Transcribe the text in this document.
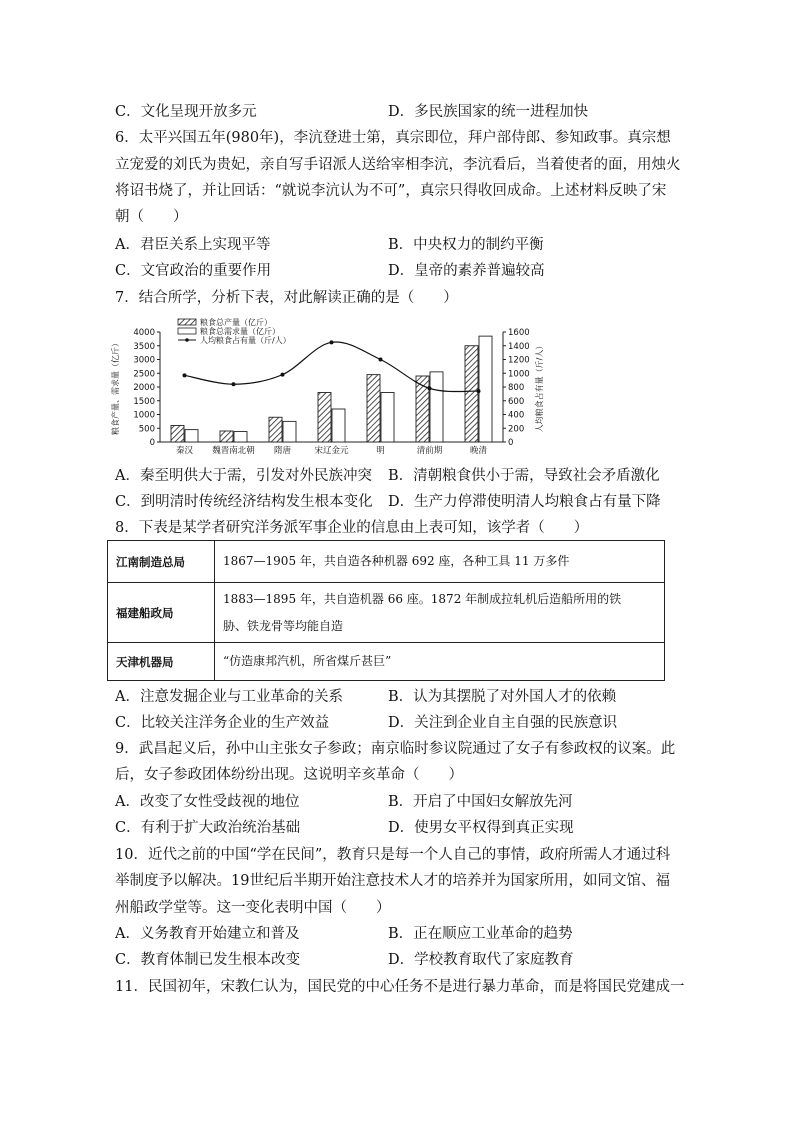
C．文化呈现开放多元	D．多民族国家的统一进程加快
6．太平兴国五年(980年)，李沆登进士第，真宗即位，拜户部侍郎、参知政事。真宗想
立宠爱的刘氏为贵妃，亲自写手诏派人送给宰相李沆，李沆看后，当着使者的面，用烛火
将诏书烧了，并让回话：“就说李沆认为不可”，真宗只得收回成命。上述材料反映了宋
朝（　　）
A．君臣关系上实现平等	B．中央权力的制约平衡
C．文官政治的重要作用	D．皇帝的素养普遍较高
7．结合所学，分析下表，对此解读正确的是（　　）
0
500
1000
1500
2000
2500
3000
3500
4000
0
200
400
600
800
1000
1200
1400
1600
粮食产量、需求量（亿斤）	人均粮食占有量（斤/人）
秦汉 魏晋南北朝 隋唐	宋辽金元	明	清前期	晚清
粮食总产量（亿斤）
粮食总需求量（亿斤）
人均粮食占有量（斤/人）
A．秦至明供大于需，引发对外民族冲突 B．清朝粮食供小于需，导致社会矛盾激化
C．到明清时传统经济结构发生根本变化 D．生产力停滞使明清人均粮食占有量下降
8．下表是某学者研究洋务派军事企业的信息由上表可知，该学者（　　）
江南制造总局	1867—1905 年，共自造各种机器 692 座，各种工具 11 万多件

福建船政局	1883—1895 年，共自造机器 66 座。1872 年制成拉轧机后造船所用的铁
胁、铁龙骨等均能自造

天津机器局	“仿造康邦汽机，所省煤斤甚巨”
A．注意发掘企业与工业革命的关系	B．认为其摆脱了对外国人才的依赖
C．比较关注洋务企业的生产效益	D．关注到企业自主自强的民族意识
9．武昌起义后，孙中山主张女子参政；南京临时参议院通过了女子有参政权的议案。此
后，女子参政团体纷纷出现。这说明辛亥革命（　　）
A．改变了女性受歧视的地位	B．开启了中国妇女解放先河
C．有利于扩大政治统治基础	D．使男女平权得到真正实现
10．近代之前的中国“学在民间”，教育只是每一个人自己的事情，政府所需人才通过科
举制度予以解决。19世纪后半期开始注意技术人才的培养并为国家所用，如同文馆、福
州船政学堂等。这一变化表明中国（　　）
A．义务教育开始建立和普及	B．正在顺应工业革命的趋势
C．教育体制已发生根本改变	D．学校教育取代了家庭教育
11．民国初年，宋教仁认为，国民党的中心任务不是进行暴力革命，而是将国民党建成一
